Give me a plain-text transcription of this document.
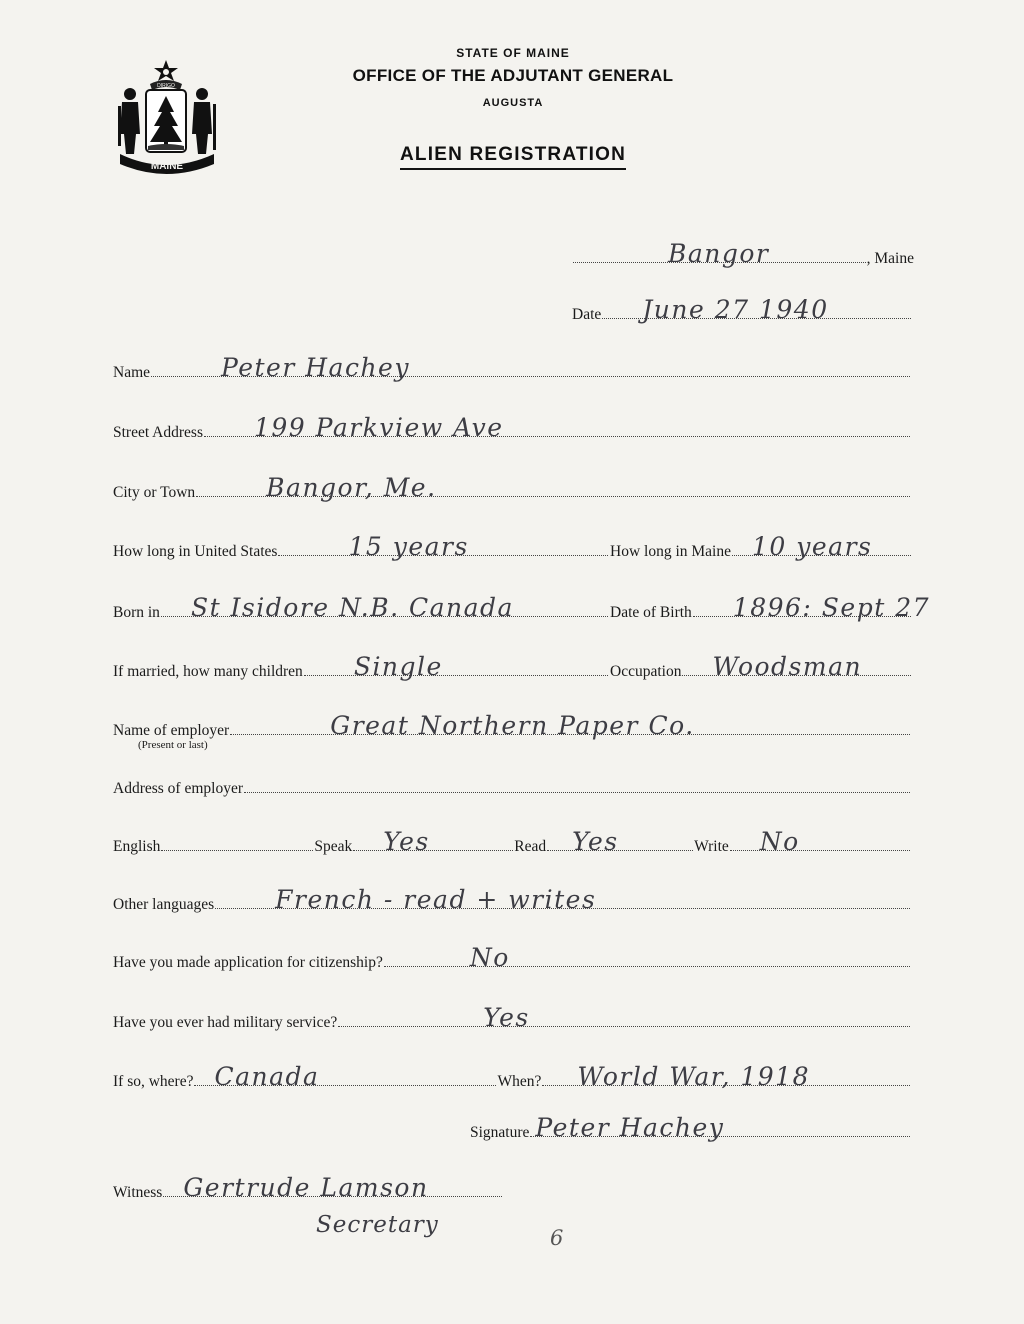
MAINE
DIRIGO
STATE OF MAINE
OFFICE OF THE ADJUTANT GENERAL
AUGUSTA
ALIEN REGISTRATION
Bangor	, Maine
Date June 27 1940
Name	Peter Hachey
Street Address 199 Parkview Ave
City or Town	Bangor, Me.
How long in United States	15 years	How long in Maine 10 years
Born in St Isidore N.B. Canada	Date of Birth 1896: Sept 27
If married, how many children Single	Occupation Woodsman
Name of employer	Great Northern Paper Co.
(Present or last)
Address of employer
English	Speak Yes	Read Yes	Write No
Other languages French - read + writes
Have you made application for citizenship?	No
Have you ever had military service?	Yes
If so, where? Canada	When? World War, 1918
Signature Peter Hachey
Witness Gertrude Lamson
Secretary	6
